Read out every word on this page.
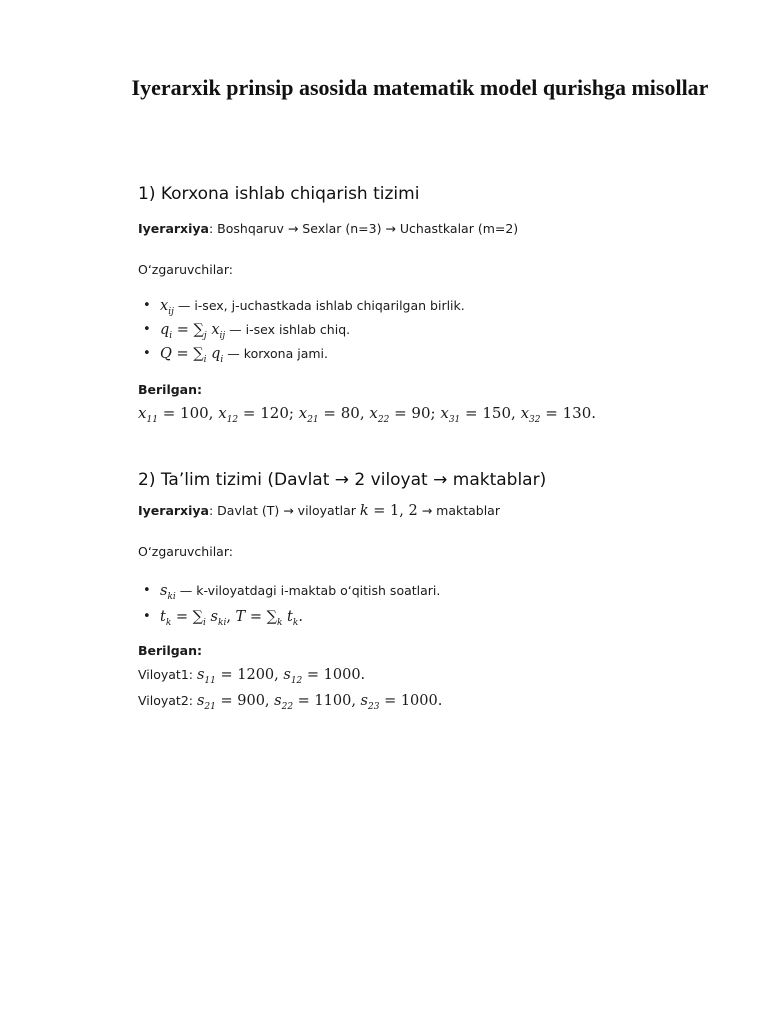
Iyerarxik prinsip asosida matematik model qurishga misollar
1) Korxona ishlab chiqarish tizimi
Iyerarxiya: Boshqaruv → Sexlar (n=3) → Uchastkalar (m=2)
O‘zgaruvchilar:
• $x_{ij}$ — i-sex, j-uchastkada ishlab chiqarilgan birlik.
• $q_i = \sum_j$ $x_{ij}$ — i-sex ishlab chiq.
• $Q = \sum_i$ $q_i$ — korxona jami.
Berilgan:
$x_{11} = 100$, $x_{12} = 120$; $x_{21} = 80$, $x_{22} = 90$; $x_{31} = 150$, $x_{32} = 130$.
2) Ta’lim tizimi (Davlat → 2 viloyat → maktablar)
Iyerarxiya: Davlat (T) → viloyatlar k = 1, 2 → maktablar
O‘zgaruvchilar:
• $s_{ki}$ — k-viloyatdagi i-maktab o‘qitish soatlari.
• $t_k = \sum_i$ $s_{ki}$, $T = \sum_k$ $t_k$.
Berilgan:
Viloyat1: $s_{11} = 1200$, $s_{12} = 1000$.
Viloyat2: $s_{21} = 900$, $s_{22} = 1100$, $s_{23} = 1000$.
